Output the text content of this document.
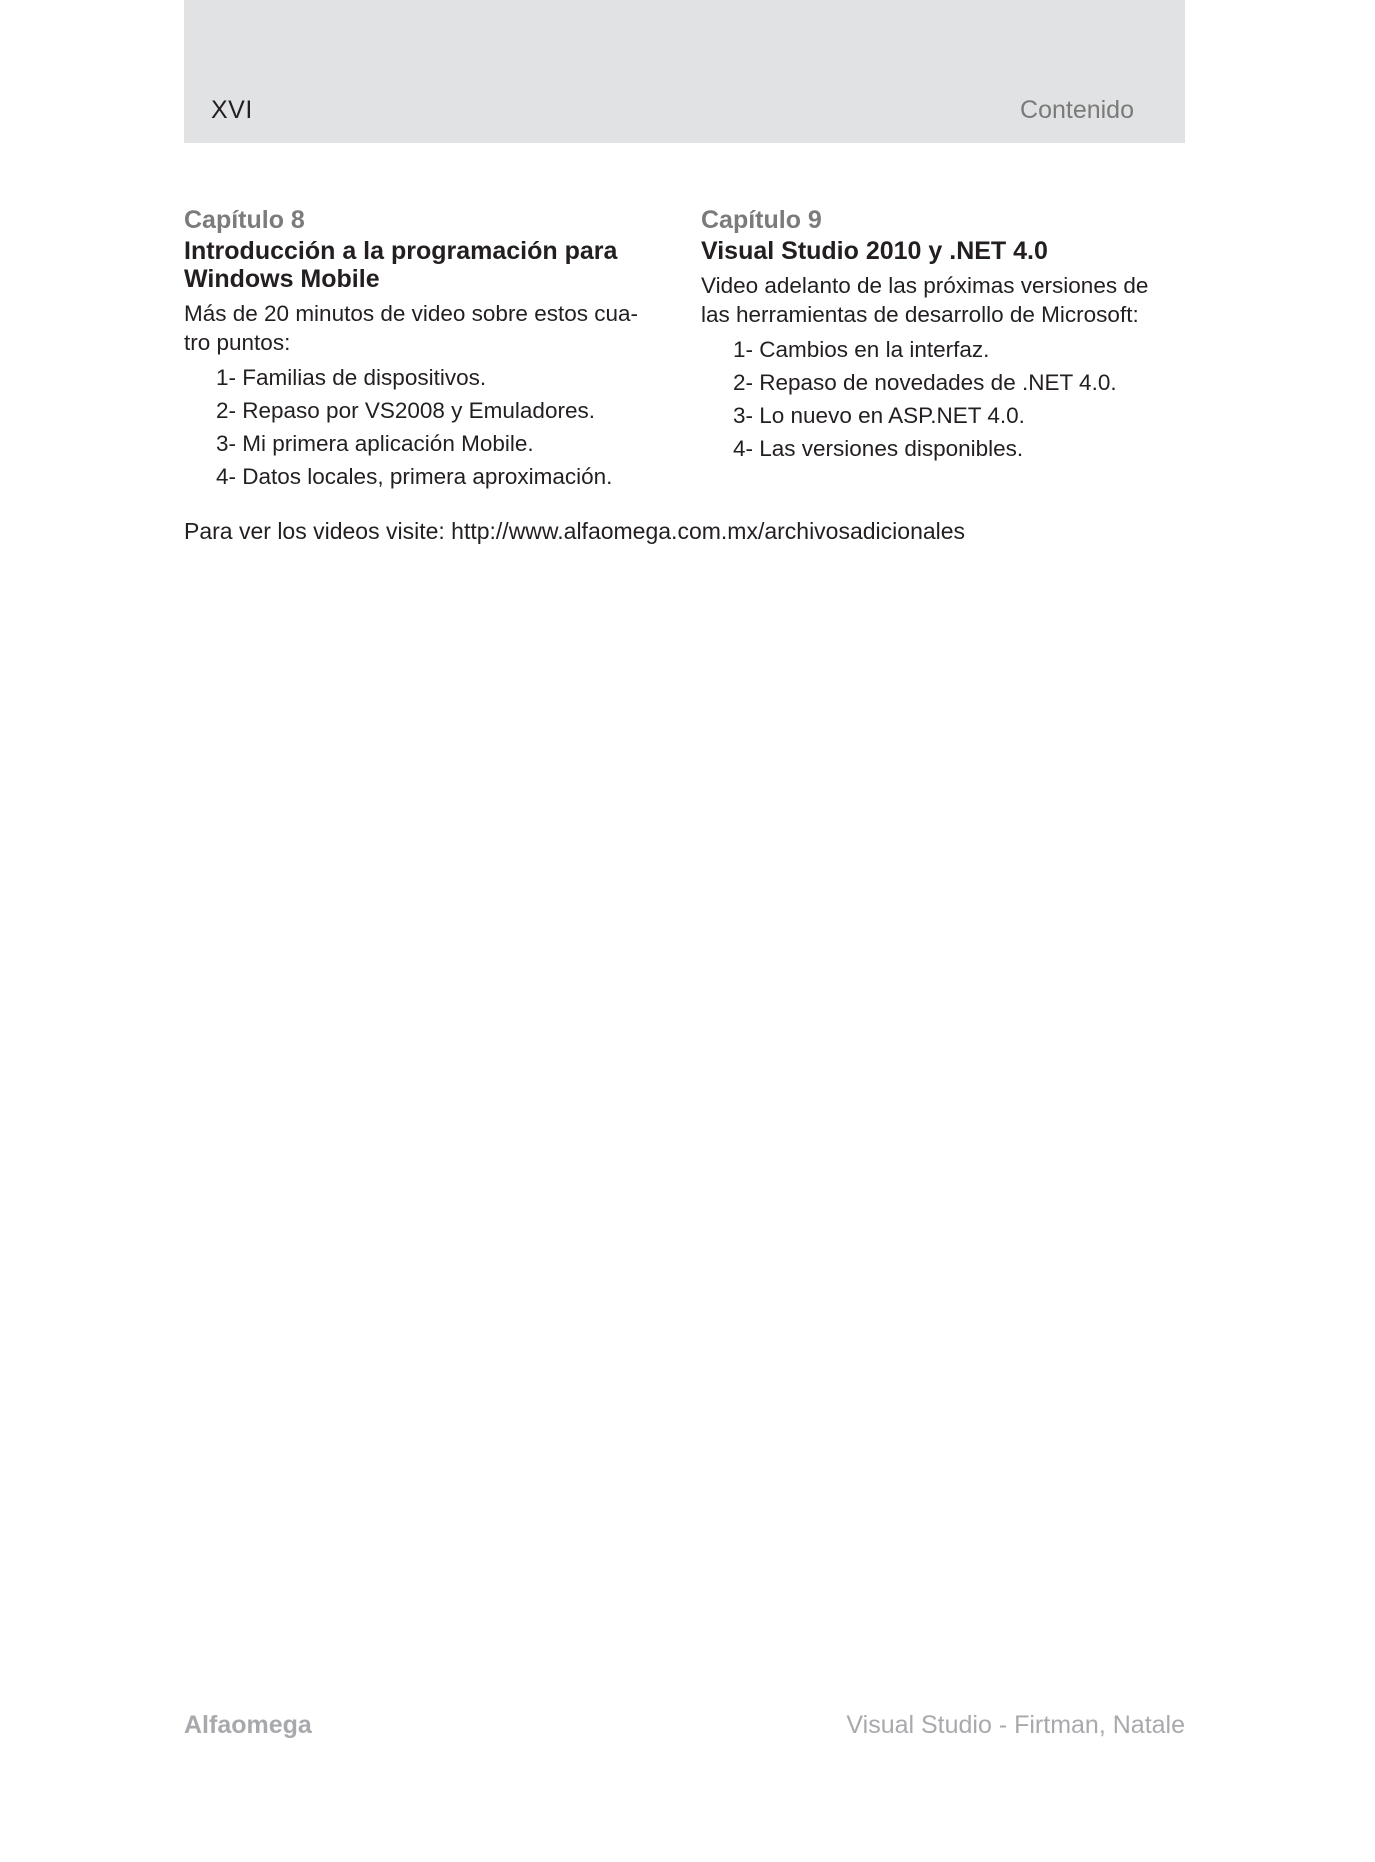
XVI	Contenido

Capítulo 8

Introducción a la programación para
Windows Mobile

Más de 20 minutos de video sobre estos cua-
tro puntos:

1- Familias de dispositivos.
2- Repaso por VS2008 y Emuladores.
3- Mi primera aplicación Mobile.
4- Datos locales, primera aproximación.

Capítulo 9

Visual Studio 2010 y .NET 4.0

Video adelanto de las próximas versiones de
las herramientas de desarrollo de Microsoft:

1- Cambios en la interfaz.
2- Repaso de novedades de .NET 4.0.
3- Lo nuevo en ASP.NET 4.0.
4- Las versiones disponibles.
Para ver los videos visite: http://www.alfaomega.com.mx/archivosadicionales
Alfaomega	Visual Studio - Firtman, Natale
